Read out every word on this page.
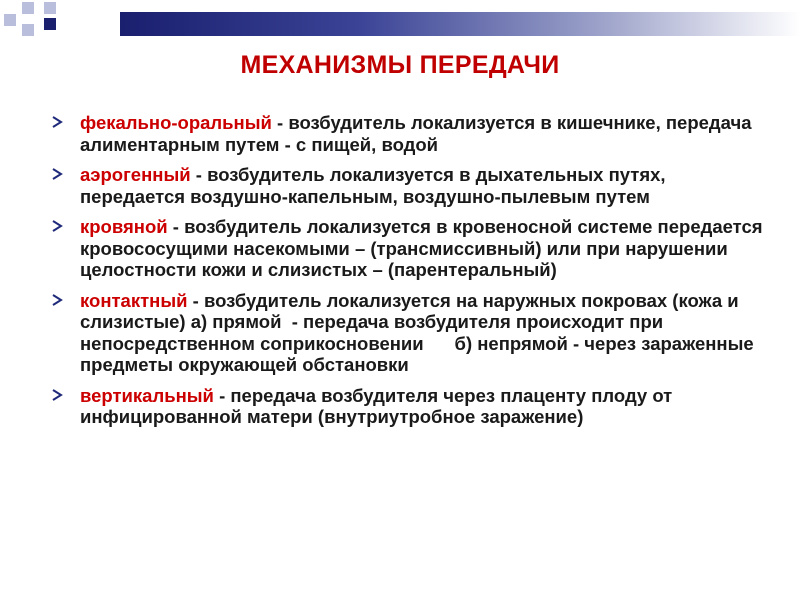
МЕХАНИЗМЫ ПЕРЕДАЧИ
фекально-оральный - возбудитель локализуется в кишечнике, передача алиментарным путем - с пищей, водой
аэрогенный - возбудитель локализуется в дыхательных путях, передается воздушно-капельным, воздушно-пылевым путем
кровяной - возбудитель локализуется в кровеносной системе передается кровососущими насекомыми – (трансмиссивный) или при нарушении целостности кожи и слизистых – (парентеральный)
контактный - возбудитель локализуется на наружных покровах (кожа и слизистые) а) прямой  - передача возбудителя происходит при непосредственном соприкосновении      б) непрямой - через зараженные предметы окружающей обстановки
вертикальный - передача возбудителя через плаценту плоду от инфицированной матери (внутриутробное заражение)
